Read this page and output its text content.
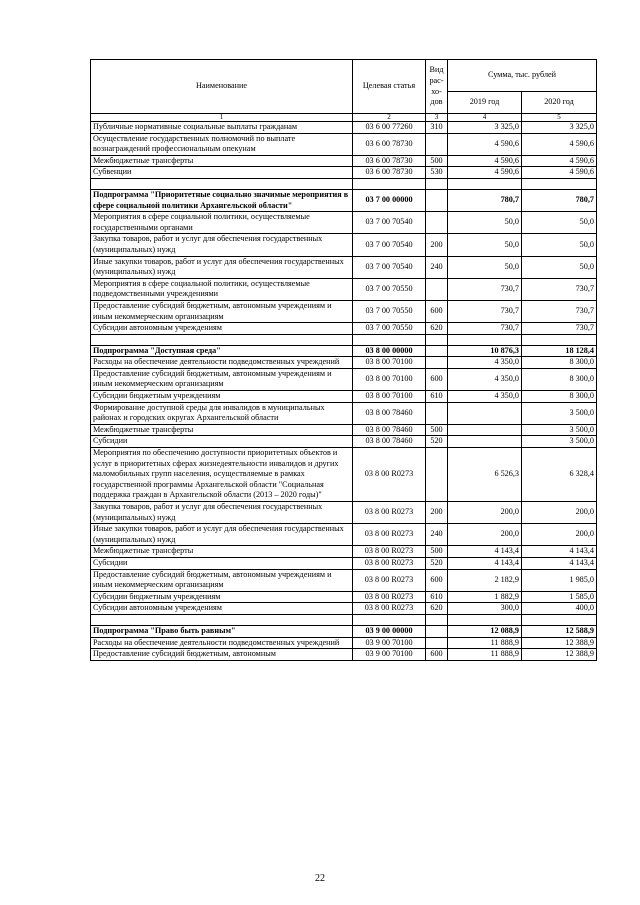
Наименование	Целевая статья	Вид рас-хо-дов	Сумма, тыс. рублей	
			2019 год	2020 год
1	2	3	4	5
Публичные нормативные социальные выплаты гражданам	03 6 00 77260	310	3 325,0	3 325,0
Осуществление государственных полномочий по выплате вознаграждений профессиональным опекунам	03 6 00 78730		4 590,6	4 590,6
Межбюджетные трансферты	03 6 00 78730	500	4 590,6	4 590,6
Субвенции	03 6 00 78730	530	4 590,6	4 590,6

Подпрограмма "Приоритетные социально значимые мероприятия в сфере социальной политики Архангельской области"	03 7 00 00000		780,7	780,7
Мероприятия в сфере социальной политики, осуществляемые государственными органами	03 7 00 70540		50,0	50,0
Закупка товаров, работ и услуг для обеспечения государственных (муниципальных) нужд	03 7 00 70540	200	50,0	50,0
Иные закупки товаров, работ и услуг для обеспечения государственных (муниципальных) нужд	03 7 00 70540	240	50,0	50,0
Мероприятия в сфере социальной политики, осуществляемые подведомственными учреждениями	03 7 00 70550		730,7	730,7
Предоставление субсидий бюджетным, автономным учреждениям и иным некоммерческим организациям	03 7 00 70550	600	730,7	730,7
Субсидии автономным учреждениям	03 7 00 70550	620	730,7	730,7

Подпрограмма "Доступная среда"	03 8 00 00000		10 876,3	18 128,4
Расходы на обеспечение деятельности подведомственных учреждений	03 8 00 70100		4 350,0	8 300,0
Предоставление субсидий бюджетным, автономным учреждениям и иным некоммерческим организациям	03 8 00 70100	600	4 350,0	8 300,0
Субсидии бюджетным учреждениям	03 8 00 70100	610	4 350,0	8 300,0
Формирование доступной среды для инвалидов в муниципальных районах и городских округах Архангельской области	03 8 00 78460			3 500,0
Межбюджетные трансферты	03 8 00 78460	500		3 500,0
Субсидии	03 8 00 78460	520		3 500,0
Мероприятия по обеспечению доступности приоритетных объектов и услуг в приоритетных сферах жизнедеятельности инвалидов и других маломобильных групп населения, осуществляемые в рамках государственной программы Архангельской области "Социальная поддержка граждан в Архангельской области (2013 – 2020 годы)"	03 8 00 R0273		6 526,3	6 328,4
Закупка товаров, работ и услуг для обеспечения государственных (муниципальных) нужд	03 8 00 R0273	200	200,0	200,0
Иные закупки товаров, работ и услуг для обеспечения государственных (муниципальных) нужд	03 8 00 R0273	240	200,0	200,0
Межбюджетные трансферты	03 8 00 R0273	500	4 143,4	4 143,4
Субсидии	03 8 00 R0273	520	4 143,4	4 143,4
Предоставление субсидий бюджетным, автономным учреждениям и иным некоммерческим организациям	03 8 00 R0273	600	2 182,9	1 985,0
Субсидии бюджетным учреждениям	03 8 00 R0273	610	1 882,9	1 585,0
Субсидии автономным учреждениям	03 8 00 R0273	620	300,0	400,0

Подпрограмма "Право быть равным"	03 9 00 00000		12 088,9	12 588,9
Расходы на обеспечение деятельности подведомственных учреждений	03 9 00 70100		11 888,9	12 388,9
Предоставление субсидий бюджетным, автономным	03 9 00 70100	600	11 888,9	12 388,9
22
